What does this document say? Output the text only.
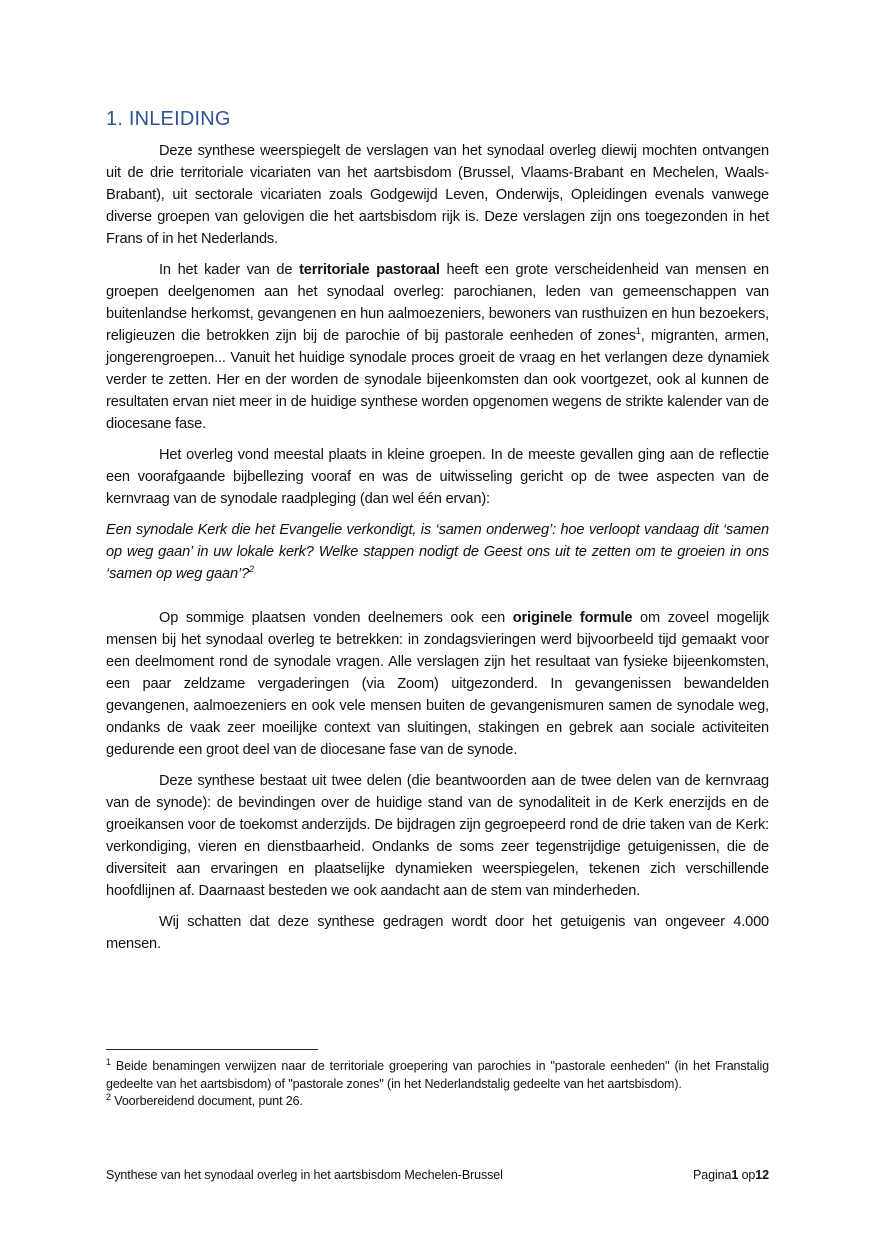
1. INLEIDING

Deze synthese weerspiegelt de verslagen van het synodaal overleg diewij mochten ontvangen uit de drie territoriale vicariaten van het aartsbisdom (Brussel, Vlaams-Brabant en Mechelen, Waals-Brabant), uit sectorale vicariaten zoals Godgewijd Leven, Onderwijs, Opleidingen evenals vanwege diverse groepen van gelovigen die het aartsbisdom rijk is. Deze verslagen zijn ons toegezonden in het Frans of in het Nederlands.

In het kader van de territoriale pastoraal heeft een grote verscheidenheid van mensen en groepen deelgenomen aan het synodaal overleg: parochianen, leden van gemeenschappen van buitenlandse herkomst, gevangenen en hun aalmoezeniers, bewoners van rusthuizen en hun bezoekers, religieuzen die betrokken zijn bij de parochie of bij pastorale eenheden of zones$^1$, migranten, armen, jongerengroepen... Vanuit het huidige synodale proces groeit de vraag en het verlangen deze dynamiek verder te zetten. Her en der worden de synodale bijeenkomsten dan ook voortgezet, ook al kunnen de resultaten ervan niet meer in de huidige synthese worden opgenomen wegens de strikte kalender van de diocesane fase.

Het overleg vond meestal plaats in kleine groepen. In de meeste gevallen ging aan de reflectie een voorafgaande bijbellezing vooraf en was de uitwisseling gericht op de twee aspecten van de kernvraag van de synodale raadpleging (dan wel één ervan):

Een synodale Kerk die het Evangelie verkondigt, is ‘samen onderweg’: hoe verloopt vandaag dit ‘samen op weg gaan’ in uw lokale kerk? Welke stappen nodigt de Geest ons uit te zetten om te groeien in ons ‘samen op weg gaan’?$^2$

Op sommige plaatsen vonden deelnemers ook een originele formule om zoveel mogelijk mensen bij het synodaal overleg te betrekken: in zondagsvieringen werd bijvoorbeeld tijd gemaakt voor een deelmoment rond de synodale vragen. Alle verslagen zijn het resultaat van fysieke bijeenkomsten, een paar zeldzame vergaderingen (via Zoom) uitgezonderd. In gevangenissen bewandelden gevangenen, aalmoezeniers en ook vele mensen buiten de gevangenismuren samen de synodale weg, ondanks de vaak zeer moeilijke context van sluitingen, stakingen en gebrek aan sociale activiteiten gedurende een groot deel van de diocesane fase van de synode.

Deze synthese bestaat uit twee delen (die beantwoorden aan de twee delen van de kernvraag van de synode): de bevindingen over de huidige stand van de synodaliteit in de Kerk enerzijds en de groeikansen voor de toekomst anderzijds. De bijdragen zijn gegroepeerd rond de drie taken van de Kerk: verkondiging, vieren en dienstbaarheid. Ondanks de soms zeer tegenstrijdige getuigenissen, die de diversiteit aan ervaringen en plaatselijke dynamieken weerspiegelen, tekenen zich verschillende hoofdlijnen af. Daarnaast besteden we ook aandacht aan de stem van minderheden.

Wij schatten dat deze synthese gedragen wordt door het getuigenis van ongeveer 4.000 mensen.

$^1$ Beide benamingen verwijzen naar de territoriale groepering van parochies in "pastorale eenheden" (in het Franstalig gedeelte van het aartsbisdom) of "pastorale zones" (in het Nederlandstalig gedeelte van het aartsbisdom).

$^2$ Voorbereidend document, punt 26.

Synthese van het synodaal overleg in het aartsbisdom Mechelen-Brussel	Pagina1 op12
